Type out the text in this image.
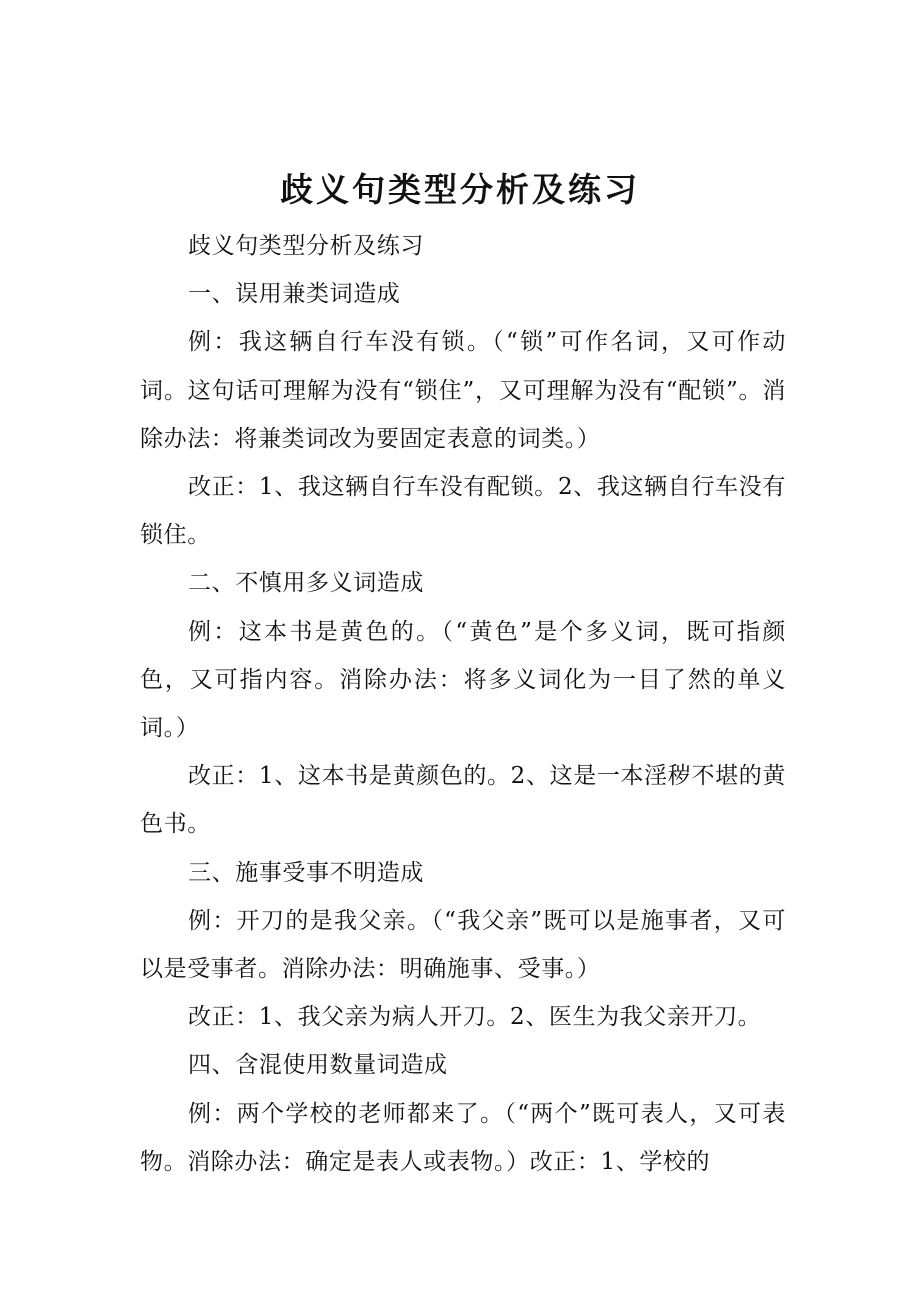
歧义句类型分析及练习

歧义句类型分析及练习

一、误用兼类词造成

例：我这辆自行车没有锁。（“锁”可作名词，又可作动词。这句话可理解为没有“锁住”，又可理解为没有“配锁”。消除办法：将兼类词改为要固定表意的词类。）

改正：1、我这辆自行车没有配锁。2、我这辆自行车没有锁住。

二、不慎用多义词造成

例：这本书是黄色的。（“黄色”是个多义词，既可指颜色，又可指内容。消除办法：将多义词化为一目了然的单义词。）

改正：1、这本书是黄颜色的。2、这是一本淫秽不堪的黄色书。

三、施事受事不明造成

例：开刀的是我父亲。（“我父亲”既可以是施事者，又可以是受事者。消除办法：明确施事、受事。）

改正：1、我父亲为病人开刀。2、医生为我父亲开刀。

四、含混使用数量词造成

例：两个学校的老师都来了。（“两个”既可表人，又可表物。消除办法：确定是表人或表物。）改正：1、学校的
